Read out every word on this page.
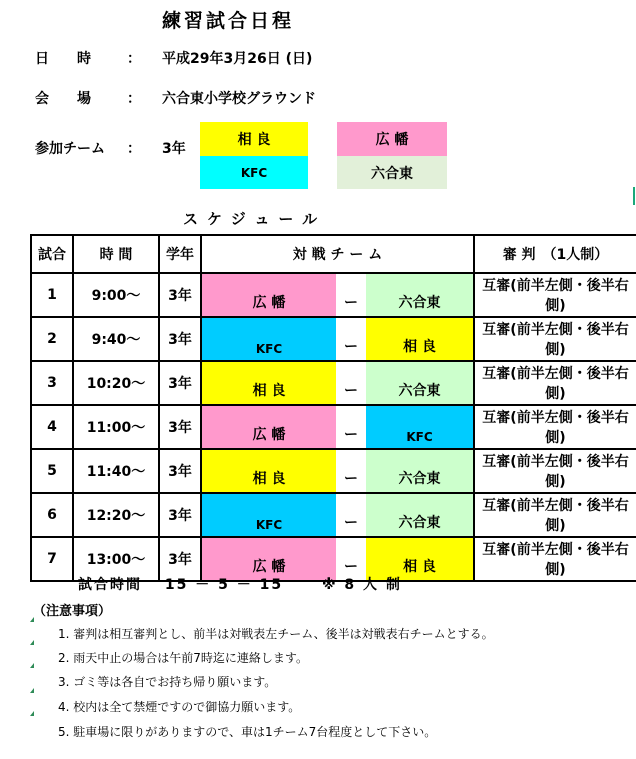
練習試合日程
日　　時	： 平成29年3月26日 (日)
会　　場	： 六合東小学校グラウンド
参加チーム ： 3年
相 良	広 幡
KFC	六合東
スケジュール
試合	時 間	学年	対 戦 チ ー ム			審 判　（1人制）
1	9:00～	3年	広 幡	ー	六合東	互審(前半左側・後半右側)
2	9:40～	3年	KFC	ー	相 良	互審(前半左側・後半右側)
3	10:20～	3年	相 良	ー	六合東	互審(前半左側・後半右側)
4	11:00～	3年	広 幡	ー	KFC	互審(前半左側・後半右側)
5	11:40～	3年	相 良	ー	六合東	互審(前半左側・後半右側)
6	12:20～	3年	KFC	ー	六合東	互審(前半左側・後半右側)
7	13:00～	3年	広 幡	ー	相 良	互審(前半左側・後半右側)
試合時間　 15 － 5 － 15　　 ※ 8 人 制
（注意事項）
1. 審判は相互審判とし、前半は対戦表左チーム、後半は対戦表右チームとする。
2. 雨天中止の場合は午前7時迄に連絡します。
3. ゴミ等は各自でお持ち帰り願います。
4. 校内は全て禁煙ですので御協力願います。
5. 駐車場に限りがありますので、車は1チーム7台程度として下さい。
